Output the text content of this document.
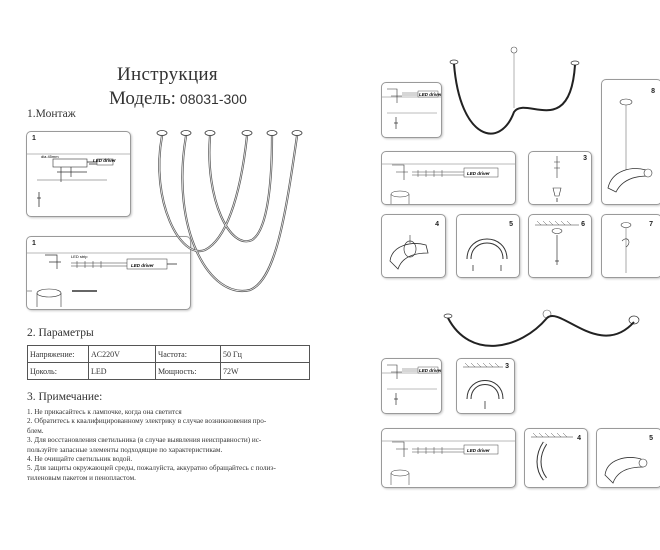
Инструкция
Модель: 08031-300
1.Монтаж
1
dia.45mm
LED driver
1
LED strip
LED driver
2. Параметры
Напряжение:	AC220V	Частота:	50 Гц
Цоколь:	LED	Мощность:	72W
3. Примечание:
1. Не прикасайтесь к лампочке, когда она светится
2. Обратитесь к квалифицированному электрику в случае возникновения про-
блем.
3. Для восстановления светильника (в случае выявления неисправности) ис-
пользуйте запасные элементы подходящие по характеристикам.
4. Не очищайте светильник водой.
5. Для защиты окружающей среды, пожалуйста, аккуратно обращайтесь с полиэ-
тиленовым пакетом и пенопластом.
LED driver
LED driver
3
8
4	5	6	7
LED driver
3
LED driver
4	5
